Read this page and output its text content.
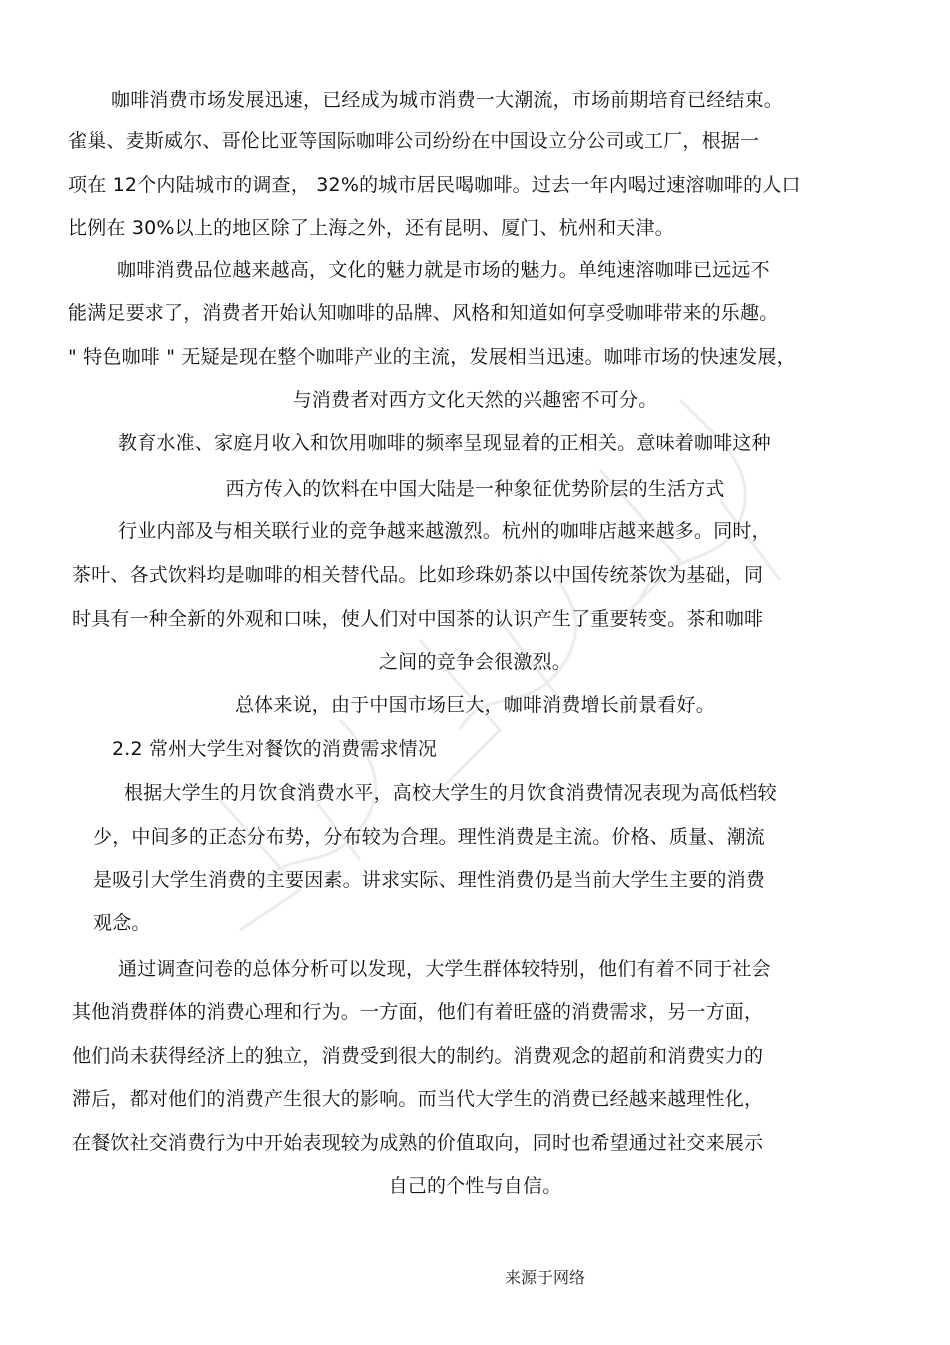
咖啡消费市场发展迅速，已经成为城市消费一大潮流，市场前期培育已经结束。
雀巢、麦斯威尔、哥伦比亚等国际咖啡公司纷纷在中国设立分公司或工厂，根据一
项在 12个内陆城市的调查， 32%的城市居民喝咖啡。过去一年内喝过速溶咖啡的人口
比例在 30%以上的地区除了上海之外，还有昆明、厦门、杭州和天津。
咖啡消费品位越来越高，文化的魅力就是市场的魅力。单纯速溶咖啡已远远不
能满足要求了，消费者开始认知咖啡的品牌、风格和知道如何享受咖啡带来的乐趣。
" 特色咖啡 " 无疑是现在整个咖啡产业的主流，发展相当迅速。咖啡市场的快速发展，
与消费者对西方文化天然的兴趣密不可分。
教育水准、家庭月收入和饮用咖啡的频率呈现显着的正相关。意味着咖啡这种
西方传入的饮料在中国大陆是一种象征优势阶层的生活方式
行业内部及与相关联行业的竞争越来越激烈。杭州的咖啡店越来越多。同时，
茶叶、各式饮料均是咖啡的相关替代品。比如珍珠奶茶以中国传统茶饮为基础，同
时具有一种全新的外观和口味，使人们对中国茶的认识产生了重要转变。茶和咖啡
之间的竞争会很激烈。
总体来说，由于中国市场巨大，咖啡消费增长前景看好。
2.2 常州大学生对餐饮的消费需求情况
根据大学生的月饮食消费水平，高校大学生的月饮食消费情况表现为高低档较
少，中间多的正态分布势，分布较为合理。理性消费是主流。价格、质量、潮流
是吸引大学生消费的主要因素。讲求实际、理性消费仍是当前大学生主要的消费
观念。
通过调查问卷的总体分析可以发现，大学生群体较特别，他们有着不同于社会
其他消费群体的消费心理和行为。一方面，他们有着旺盛的消费需求，另一方面，
他们尚未获得经济上的独立，消费受到很大的制约。消费观念的超前和消费实力的
滞后，都对他们的消费产生很大的影响。而当代大学生的消费已经越来越理性化，
在餐饮社交消费行为中开始表现较为成熟的价值取向，同时也希望通过社交来展示
自己的个性与自信。
来源于网络
